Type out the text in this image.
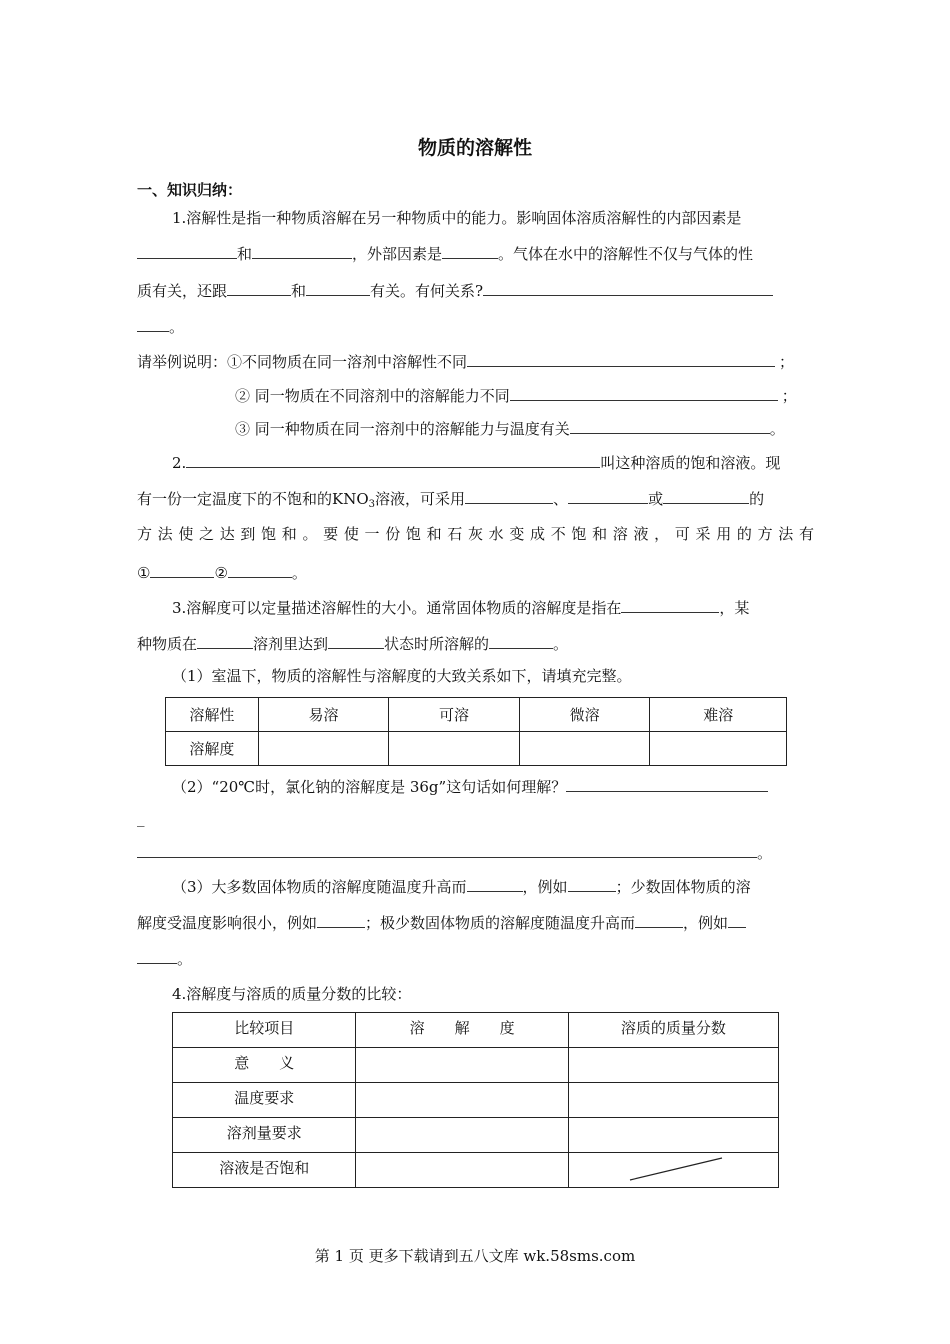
物质的溶解性
一、知识归纳：
1.溶解性是指一种物质溶解在另一种物质中的能力。影响固体溶质溶解性的内部因素是
和	，外部因素是	。气体在水中的溶解性不仅与气体的性
质有关，还跟	和	有关。有何关系?
。
请举例说明：①不同物质在同一溶剂中溶解性不同	；
② 同一物质在不同溶剂中的溶解能力不同	；
③ 同一种物质在同一溶剂中的溶解能力与温度有关	。
2.	叫这种溶质的饱和溶液。现
有一份一定温度下的不饱和的$KNO_3$溶液，可采用	、	或	的
方法使之达到饱和。要使一份饱和石灰水变成不饱和溶液，可采用的方法有
①	②	。
3.溶解度可以定量描述溶解性的大小。通常固体物质的溶解度是指在	，某
种物质在	溶剂里达到	状态时所溶解的	。
（1）室温下，物质的溶解性与溶解度的大致关系如下，请填充完整。
溶解性	易溶	可溶	微溶	难溶
溶解度				
（2）“20℃时，氯化钠的溶解度是 36g”这句话如何理解？
_
。
（3）大多数固体物质的溶解度随温度升高而	，例如	；少数固体物质的溶
解度受温度影响很小，例如	；极少数固体物质的溶解度随温度升高而	，例如
。
4.溶解度与溶质的质量分数的比较：
比较项目	溶　　解　　度	溶质的质量分数
意　　义		
温度要求		
溶剂量要求		
溶液是否饱和		
第 1 页 更多下载请到五八文库 wk.58sms.com
